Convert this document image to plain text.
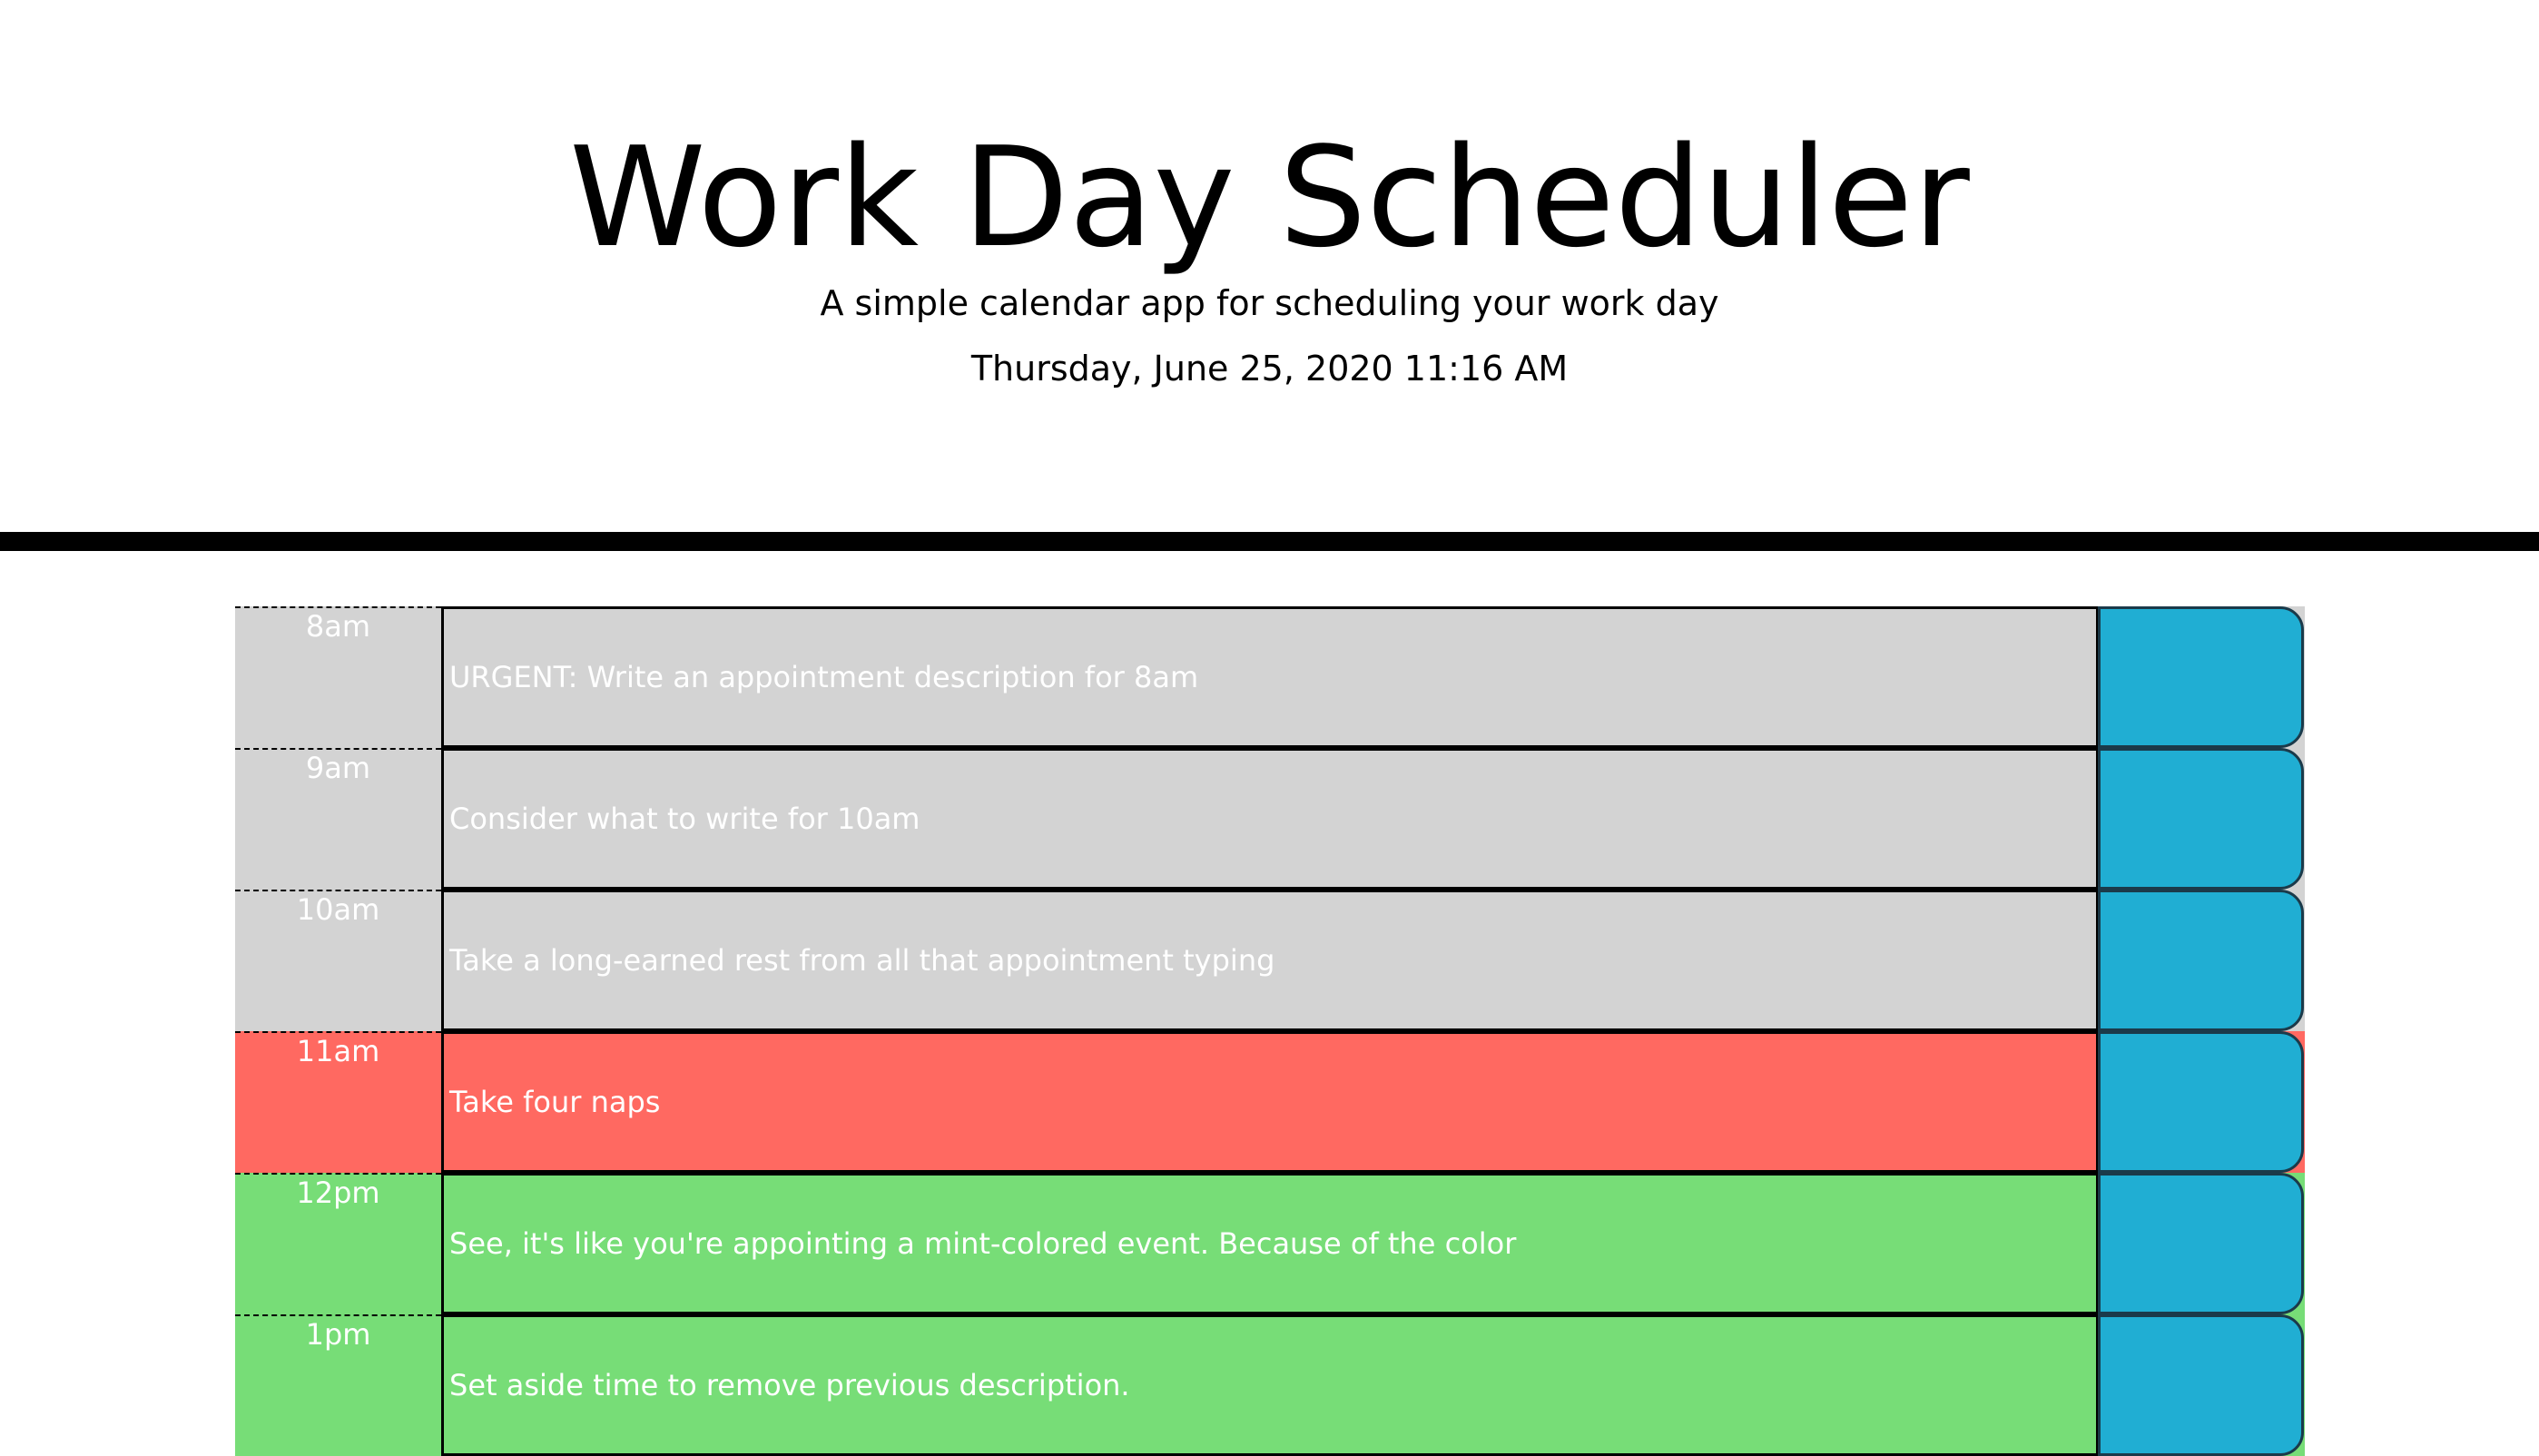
Work Day Scheduler

A simple calendar app for scheduling your work day

Thursday, June 25, 2020 11:16 AM

8am
URGENT: Write an appointment description for 8am
9am
Consider what to write for 10am
10am
Take a long-earned rest from all that appointment typing
11am
Take four naps
12pm
See, it's like you're appointing a mint-colored event. Because of the color
1pm
Set aside time to remove previous description.
